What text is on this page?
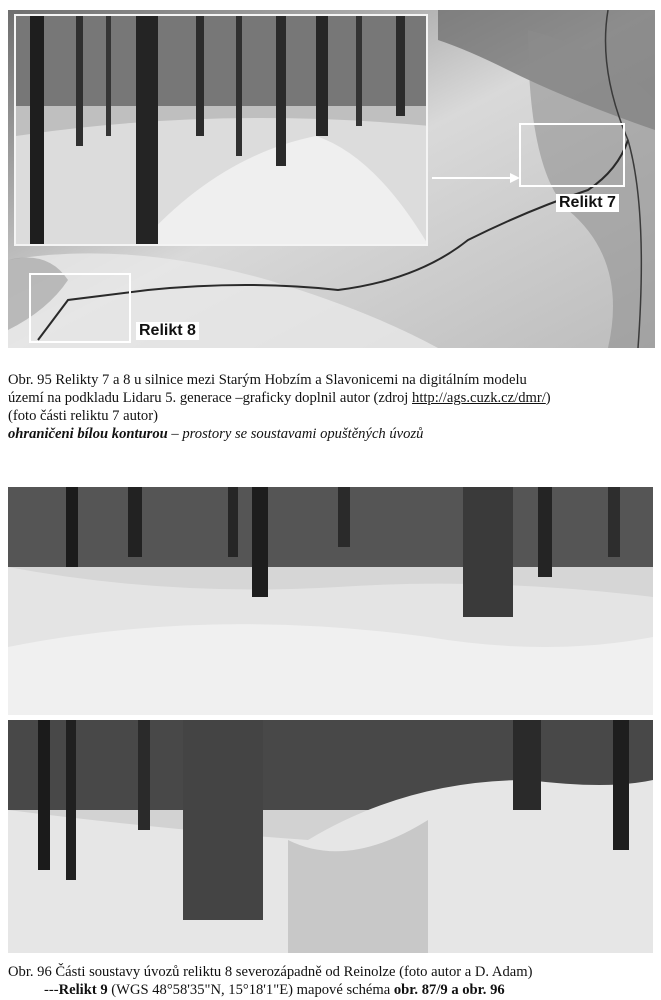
Relikt 7
Relikt 8
Obr. 95 Relikty 7 a 8 u silnice mezi Starým Hobzím a Slavonicemi na digitálním modelu
území na podkladu Lidaru 5. generace –graficky doplnil autor (zdroj http://ags.cuzk.cz/dmr/)
(foto části reliktu 7 autor)
ohraničeni bílou konturou – prostory se soustavami opuštěných úvozů
Obr. 96 Části soustavy úvozů reliktu 8 severozápadně od Reinolze (foto autor a D. Adam)
---Relikt 9 (WGS 48°58'35"N, 15°18'1"E) mapové schéma obr. 87/9 a obr. 96
